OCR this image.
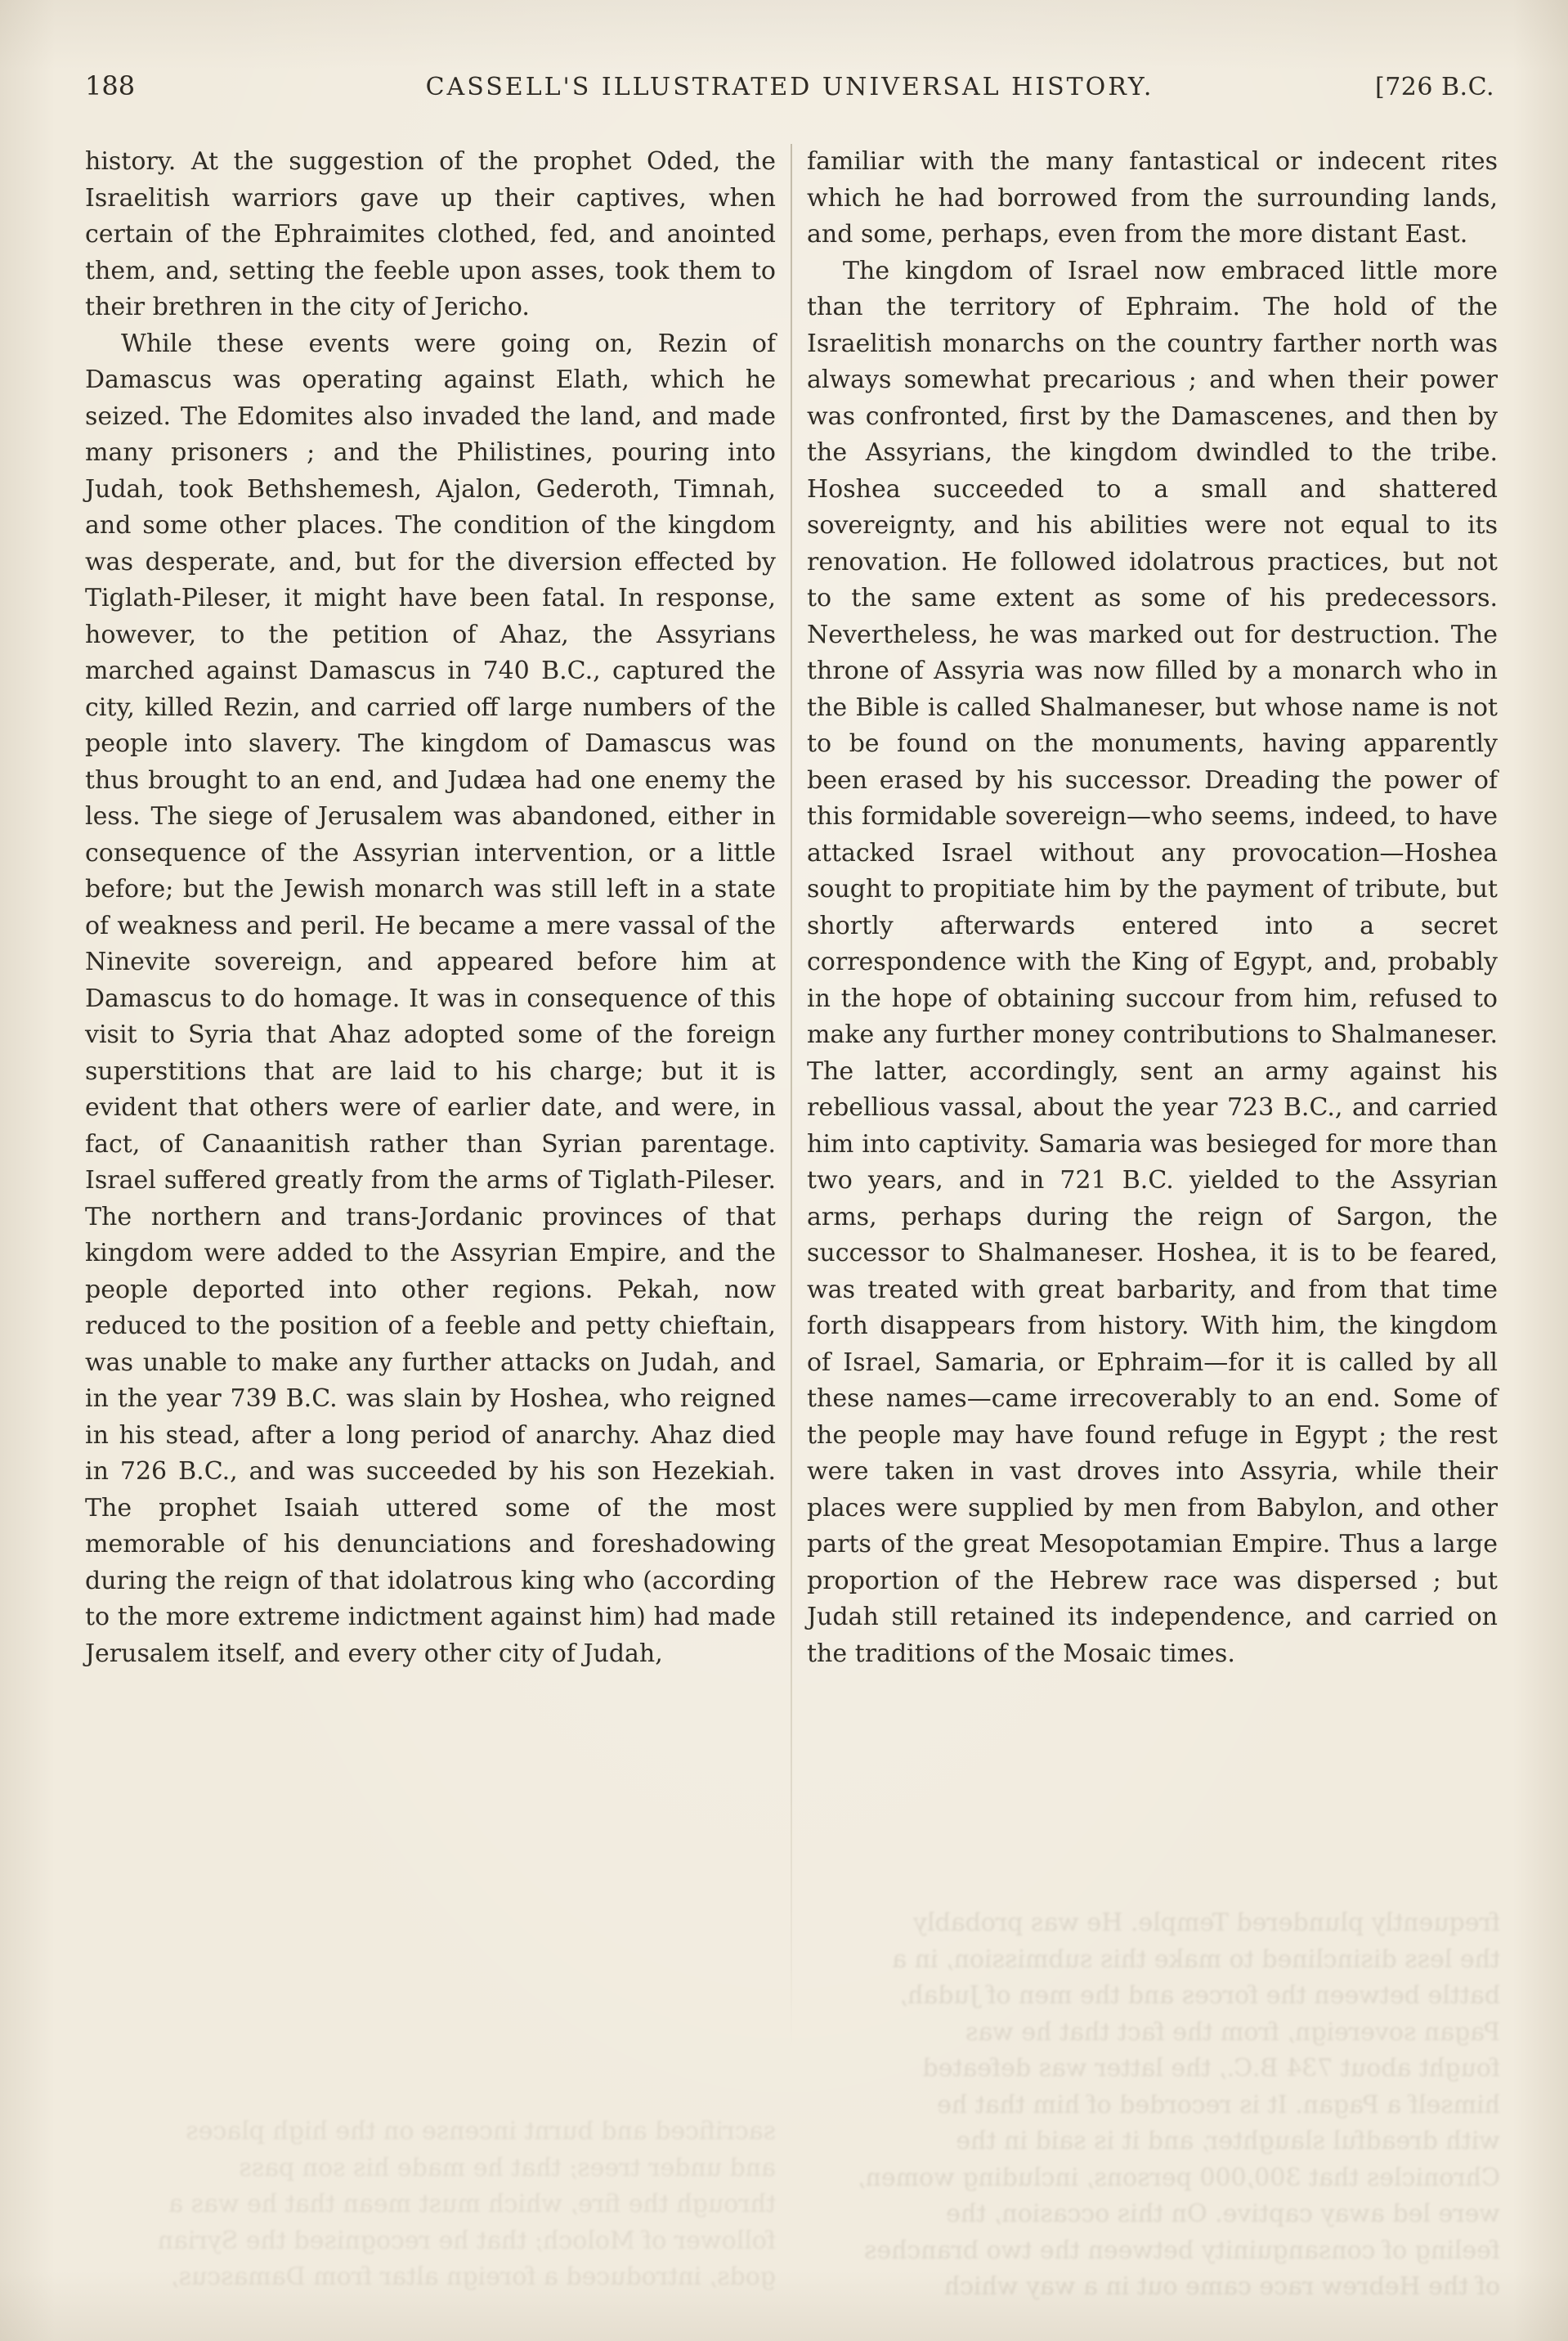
188	CASSELL'S ILLUSTRATED UNIVERSAL HISTORY.	[726 B.C.

history. At the suggestion of the prophet Oded, the Israelitish warriors gave up their captives, when certain of the Ephraimites clothed, fed, and anointed them, and, setting the feeble upon asses, took them to their brethren in the city of Jericho.

While these events were going on, Rezin of Damascus was operating against Elath, which he seized. The Edomites also invaded the land, and made many prisoners ; and the Philistines, pouring into Judah, took Bethshemesh, Ajalon, Gederoth, Timnah, and some other places. The condition of the kingdom was desperate, and, but for the diversion effected by Tiglath-Pileser, it might have been fatal. In response, however, to the petition of Ahaz, the Assyrians marched against Damascus in 740 B.C., captured the city, killed Rezin, and carried off large numbers of the people into slavery. The kingdom of Damascus was thus brought to an end, and Judæa had one enemy the less. The siege of Jerusalem was abandoned, either in consequence of the Assyrian intervention, or a little before; but the Jewish monarch was still left in a state of weakness and peril. He became a mere vassal of the Ninevite sovereign, and appeared before him at Damascus to do homage. It was in consequence of this visit to Syria that Ahaz adopted some of the foreign superstitions that are laid to his charge; but it is evident that others were of earlier date, and were, in fact, of Canaanitish rather than Syrian parentage. Israel suffered greatly from the arms of Tiglath-Pileser. The northern and trans-Jordanic provinces of that kingdom were added to the Assyrian Empire, and the people deported into other regions. Pekah, now reduced to the position of a feeble and petty chieftain, was unable to make any further attacks on Judah, and in the year 739 B.C. was slain by Hoshea, who reigned in his stead, after a long period of anarchy. Ahaz died in 726 B.C., and was succeeded by his son Hezekiah. The prophet Isaiah uttered some of the most memorable of his denunciations and foreshadowing during the reign of that idolatrous king who (according to the more extreme indictment against him) had made Jerusalem itself, and every other city of Judah,

familiar with the many fantastical or indecent rites which he had borrowed from the surrounding lands, and some, perhaps, even from the more distant East.

The kingdom of Israel now embraced little more than the territory of Ephraim. The hold of the Israelitish monarchs on the country farther north was always somewhat precarious ; and when their power was confronted, first by the Damascenes, and then by the Assyrians, the kingdom dwindled to the tribe. Hoshea succeeded to a small and shattered sovereignty, and his abilities were not equal to its renovation. He followed idolatrous practices, but not to the same extent as some of his predecessors. Nevertheless, he was marked out for destruction. The throne of Assyria was now filled by a monarch who in the Bible is called Shalmaneser, but whose name is not to be found on the monuments, having apparently been erased by his successor. Dreading the power of this formidable sovereign—who seems, indeed, to have attacked Israel without any provocation—Hoshea sought to propitiate him by the payment of tribute, but shortly afterwards entered into a secret correspondence with the King of Egypt, and, probably in the hope of obtaining succour from him, refused to make any further money contributions to Shalmaneser. The latter, accordingly, sent an army against his rebellious vassal, about the year 723 B.C., and carried him into captivity. Samaria was besieged for more than two years, and in 721 B.C. yielded to the Assyrian arms, perhaps during the reign of Sargon, the successor to Shalmaneser. Hoshea, it is to be feared, was treated with great barbarity, and from that time forth disappears from history. With him, the kingdom of Israel, Samaria, or Ephraim—for it is called by all these names—came irrecoverably to an end. Some of the people may have found refuge in Egypt ; the rest were taken in vast droves into Assyria, while their places were supplied by men from Babylon, and other parts of the great Mesopotamian Empire. Thus a large proportion of the Hebrew race was dispersed ; but Judah still retained its independence, and carried on the traditions of the Mosaic times.

frequently plundered Temple. He was probably
the less disinclined to make this submission, in a
battle between the forces and the men of Judah,
Pagan sovereign, from the fact that he was
fought about 734 B.C., the latter was defeated
himself a Pagan. It is recorded of him that he
with dreadful slaughter, and it is said in the
Chronicles that 300,000 persons, including women,
were led away captive. On this occasion, the
feeling of consanguinity between the two branches
of the Hebrew race came out in a way which
sacrificed and burnt incense on the high places
and under trees; that he made his son pass
through the fire, which must mean that he was a
follower of Moloch; that he recognised the Syrian
gods, introduced a foreign altar from Damascus,
